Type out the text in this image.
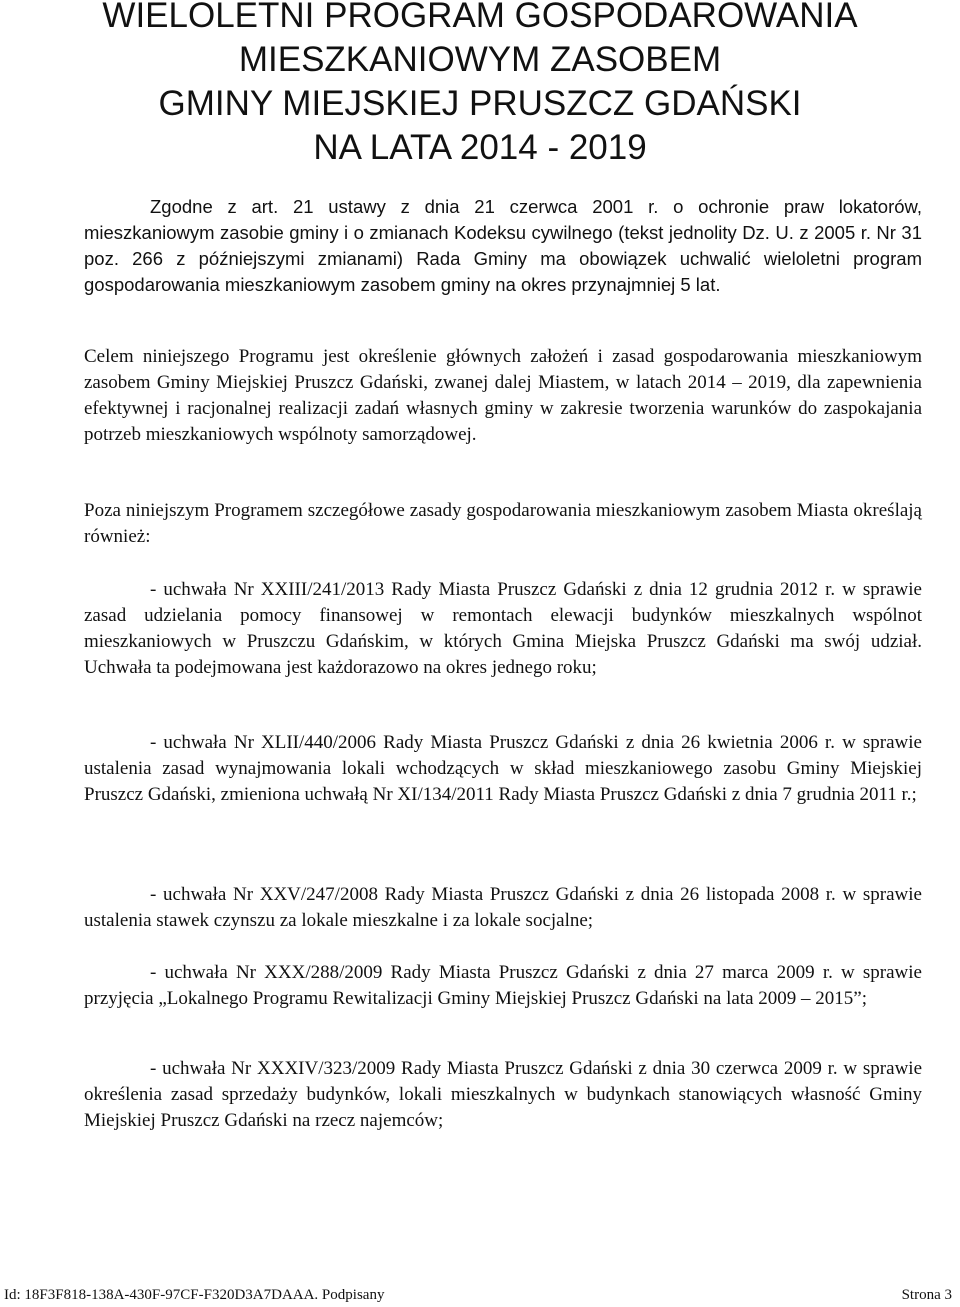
WIELOLETNI PROGRAM GOSPODAROWANIA
MIESZKANIOWYM ZASOBEM
GMINY MIEJSKIEJ PRUSZCZ GDAŃSKI
NA LATA 2014 - 2019

Zgodne z art. 21 ustawy z dnia 21 czerwca 2001 r. o ochronie praw lokatorów, mieszkaniowym zasobie gminy i o zmianach Kodeksu cywilnego (tekst jednolity Dz. U. z 2005 r. Nr 31 poz. 266 z późniejszymi zmianami) Rada Gminy ma obowiązek uchwalić wieloletni program gospodarowania mieszkaniowym zasobem gminy na okres przynajmniej 5 lat.

Celem niniejszego Programu jest określenie głównych założeń i zasad gospodarowania mieszkaniowym zasobem Gminy Miejskiej Pruszcz Gdański, zwanej dalej Miastem, w latach 2014 – 2019, dla zapewnienia efektywnej i racjonalnej realizacji zadań własnych gminy w zakresie tworzenia warunków do zaspokajania potrzeb mieszkaniowych wspólnoty samorządowej.

Poza niniejszym Programem szczegółowe zasady gospodarowania mieszkaniowym zasobem Miasta określają również:

- uchwała Nr XXIII/241/2013 Rady Miasta Pruszcz Gdański z dnia 12 grudnia 2012 r. w sprawie zasad udzielania pomocy finansowej w remontach elewacji budynków mieszkalnych wspólnot mieszkaniowych w Pruszczu Gdańskim, w których Gmina Miejska Pruszcz Gdański ma swój udział. Uchwała ta podejmowana jest każdorazowo na okres jednego roku;

- uchwała Nr XLII/440/2006 Rady Miasta Pruszcz Gdański z dnia 26 kwietnia 2006 r. w sprawie ustalenia zasad wynajmowania lokali wchodzących w skład mieszkaniowego zasobu Gminy Miejskiej Pruszcz Gdański, zmieniona uchwałą Nr XI/134/2011 Rady Miasta Pruszcz Gdański z dnia 7 grudnia 2011 r.;

- uchwała Nr XXV/247/2008 Rady Miasta Pruszcz Gdański z dnia 26 listopada 2008 r. w sprawie ustalenia stawek czynszu za lokale mieszkalne i za lokale socjalne;

- uchwała Nr XXX/288/2009 Rady Miasta Pruszcz Gdański z dnia 27 marca 2009 r. w sprawie przyjęcia „Lokalnego Programu Rewitalizacji Gminy Miejskiej Pruszcz Gdański na lata 2009 – 2015”;

- uchwała Nr XXXIV/323/2009 Rady Miasta Pruszcz Gdański z dnia 30 czerwca 2009 r. w sprawie określenia zasad sprzedaży budynków, lokali mieszkalnych w budynkach stanowiących własność Gminy Miejskiej Pruszcz Gdański na rzecz najemców;

Id: 18F3F818-138A-430F-97CF-F320D3A7DAAA. Podpisany	Strona 3
